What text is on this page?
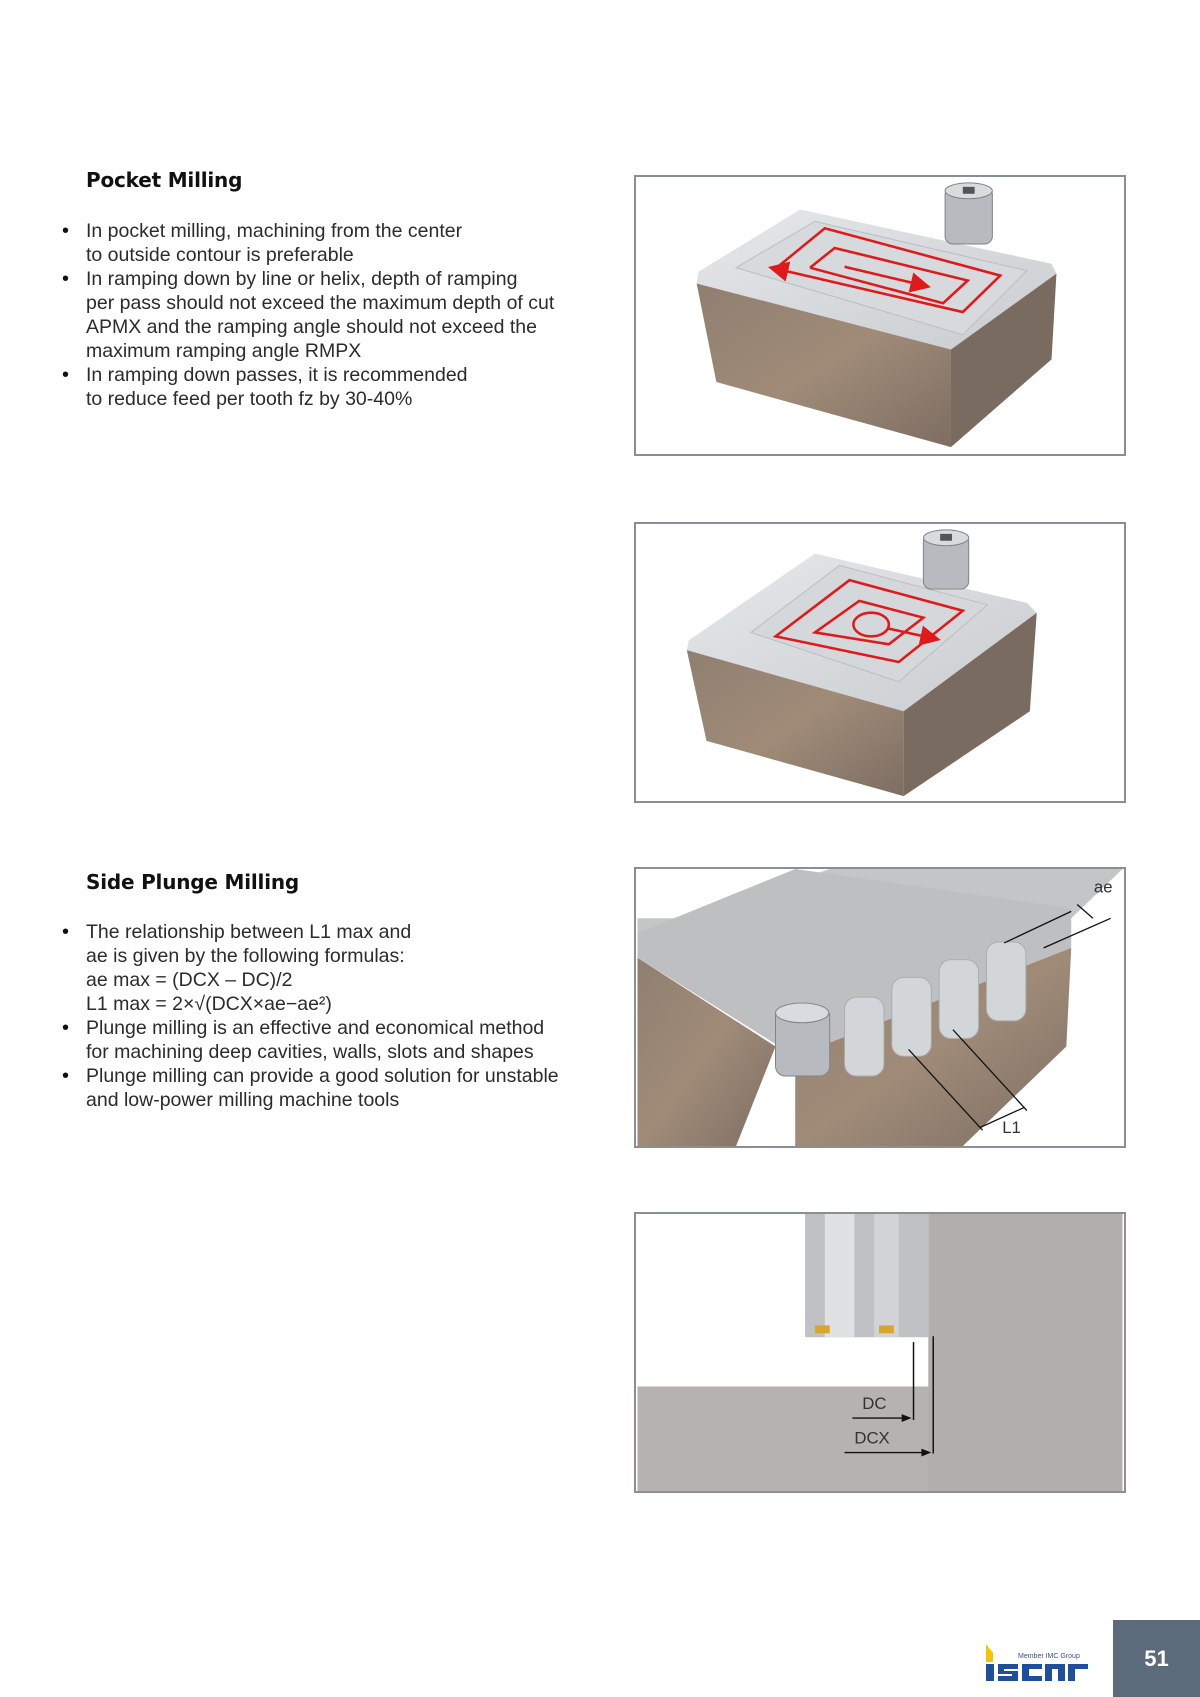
Pocket Milling
• In pocket milling, machining from the center
to outside contour is preferable
• In ramping down by line or helix, depth of ramping
per pass should not exceed the maximum depth of cut
APMX and the ramping angle should not exceed the
maximum ramping angle RMPX
• In ramping down passes, it is recommended
to reduce feed per tooth fz by 30-40%
Side Plunge Milling
• The relationship between L1 max and
ae is given by the following formulas:
ae max = (DCX – DC)/2
L1 max = 2×√(DCX×ae−ae²)
• Plunge milling is an effective and economical method
for machining deep cavities, walls, slots and shapes
• Plunge milling can provide a good solution for unstable
and low-power milling machine tools
ae
L1
DC
DCX
Member IMC Group	51
